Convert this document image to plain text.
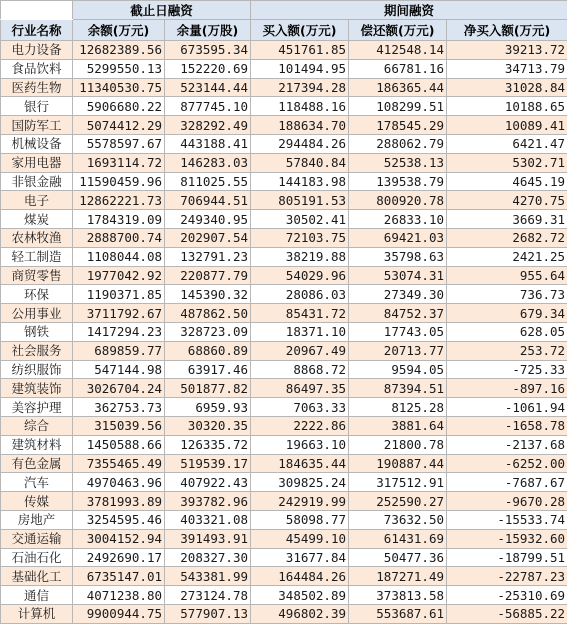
	截止日融资		期间融资		
行业名称	余额(万元)	余量(万股)	买入额(万元)	偿还额(万元)	净买入额(万元)
电力设备	12682389.56	673595.34	451761.85	412548.14	39213.72
食品饮料	5299550.13	152220.69	101494.95	66781.16	34713.79
医药生物	11340530.75	523144.44	217394.28	186365.44	31028.84
银行	5906680.22	877745.10	118488.16	108299.51	10188.65
国防军工	5074412.29	328292.49	188634.70	178545.29	10089.41
机械设备	5578597.67	443188.41	294484.26	288062.79	6421.47
家用电器	1693114.72	146283.03	57840.84	52538.13	5302.71
非银金融	11590459.96	811025.55	144183.98	139538.79	4645.19
电子	12862221.73	706944.51	805191.53	800920.78	4270.75
煤炭	1784319.09	249340.95	30502.41	26833.10	3669.31
农林牧渔	2888700.74	202907.54	72103.75	69421.03	2682.72
轻工制造	1108044.08	132791.23	38219.88	35798.63	2421.25
商贸零售	1977042.92	220877.79	54029.96	53074.31	955.64
环保	1190371.85	145390.32	28086.03	27349.30	736.73
公用事业	3711792.67	487862.50	85431.72	84752.37	679.34
钢铁	1417294.23	328723.09	18371.10	17743.05	628.05
社会服务	689859.77	68860.89	20967.49	20713.77	253.72
纺织服饰	547144.98	63917.46	8868.72	9594.05	-725.33
建筑装饰	3026704.24	501877.82	86497.35	87394.51	-897.16
美容护理	362753.73	6959.93	7063.33	8125.28	-1061.94
综合	315039.56	30320.35	2222.86	3881.64	-1658.78
建筑材料	1450588.66	126335.72	19663.10	21800.78	-2137.68
有色金属	7355465.49	519539.17	184635.44	190887.44	-6252.00
汽车	4970463.96	407922.43	309825.24	317512.91	-7687.67
传媒	3781993.89	393782.96	242919.99	252590.27	-9670.28
房地产	3254595.46	403321.08	58098.77	73632.50	-15533.74
交通运输	3004152.94	391493.91	45499.10	61431.69	-15932.60
石油石化	2492690.17	208327.30	31677.84	50477.36	-18799.51
基础化工	6735147.01	543381.99	164484.26	187271.49	-22787.23
通信	4071238.80	273124.78	348502.89	373813.58	-25310.69
计算机	9900944.75	577907.13	496802.39	553687.61	-56885.22
